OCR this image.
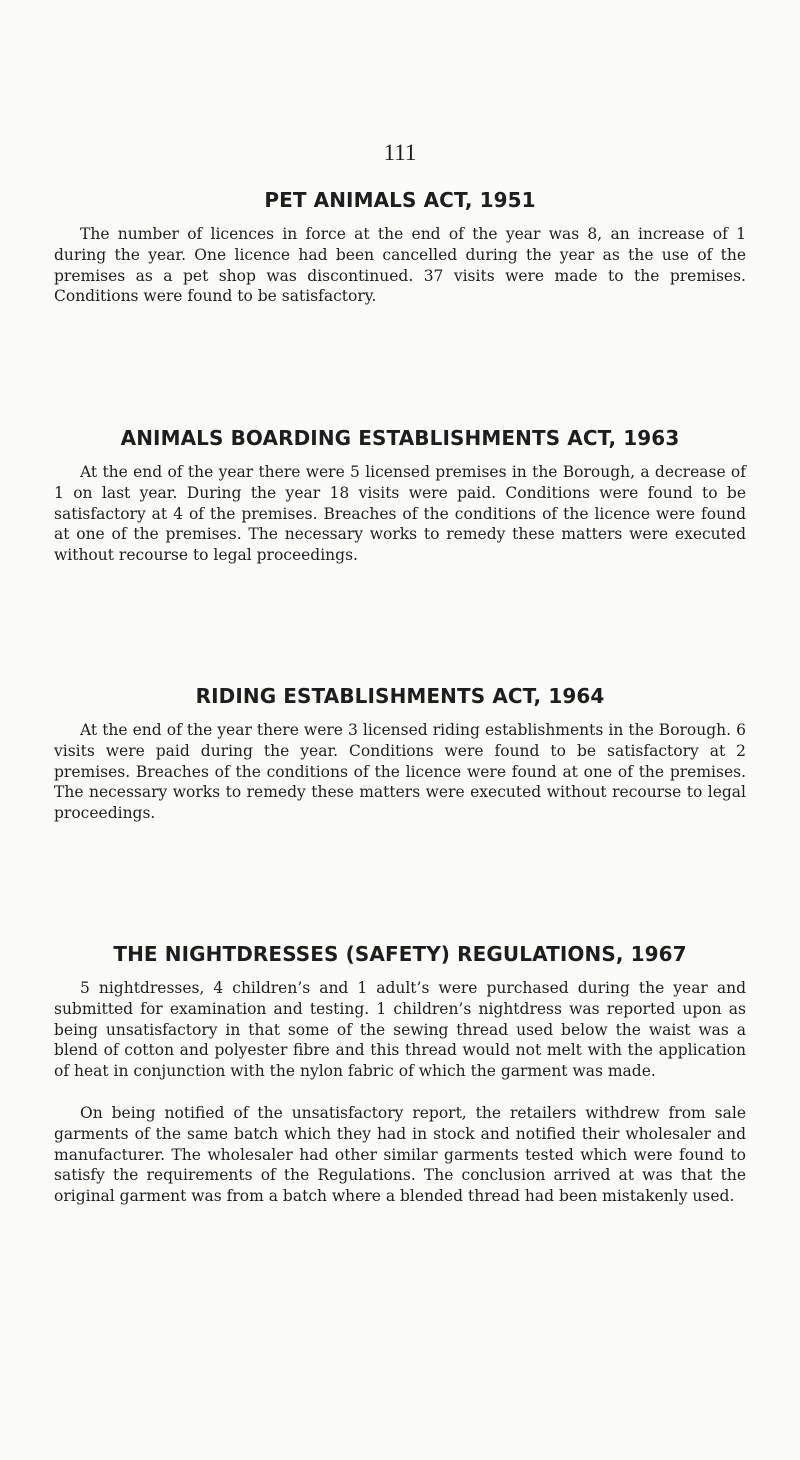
111

PET ANIMALS ACT, 1951

The number of licences in force at the end of the year was 8, an increase of 1 during the year. One licence had been cancelled during the year as the use of the premises as a pet shop was discontinued. 37 visits were made to the premises. Conditions were found to be satisfactory.

ANIMALS BOARDING ESTABLISHMENTS ACT, 1963

At the end of the year there were 5 licensed premises in the Borough, a decrease of 1 on last year. During the year 18 visits were paid. Conditions were found to be satisfactory at 4 of the premises. Breaches of the conditions of the licence were found at one of the premises. The necessary works to remedy these matters were executed without recourse to legal proceedings.

RIDING ESTABLISHMENTS ACT, 1964

At the end of the year there were 3 licensed riding establishments in the Borough. 6 visits were paid during the year. Conditions were found to be satisfactory at 2 premises. Breaches of the conditions of the licence were found at one of the premises. The necessary works to remedy these matters were executed without recourse to legal proceedings.

THE NIGHTDRESSES (SAFETY) REGULATIONS, 1967

5 nightdresses, 4 children’s and 1 adult’s were purchased during the year and submitted for examination and testing. 1 children’s nightdress was reported upon as being unsatisfactory in that some of the sewing thread used below the waist was a blend of cotton and polyester fibre and this thread would not melt with the application of heat in conjunction with the nylon fabric of which the garment was made.

On being notified of the unsatisfactory report, the retailers withdrew from sale garments of the same batch which they had in stock and notified their wholesaler and manufacturer. The wholesaler had other similar garments tested which were found to satisfy the requirements of the Regulations. The conclusion arrived at was that the original garment was from a batch where a blended thread had been mistakenly used.
